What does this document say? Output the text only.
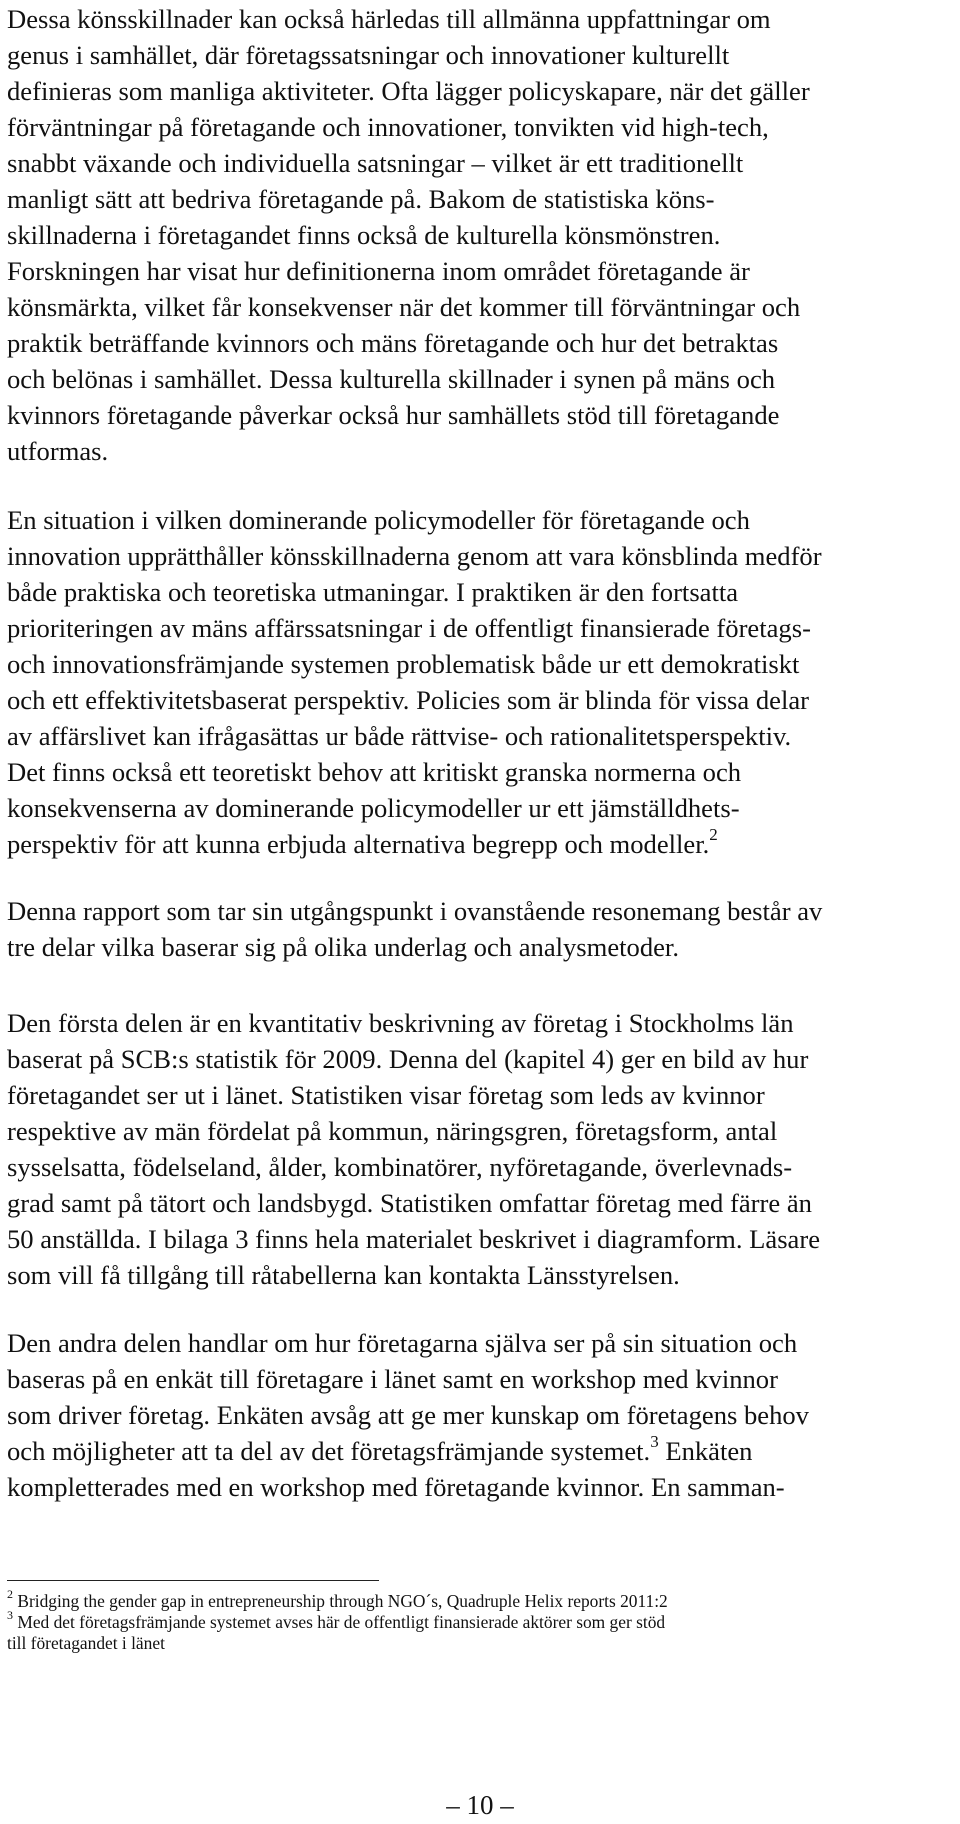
Dessa könsskillnader kan också härledas till allmänna uppfattningar om
genus i samhället, där företagssatsningar och innovationer kulturellt
definieras som manliga aktiviteter. Ofta lägger policyskapare, när det gäller
förväntningar på företagande och innovationer, tonvikten vid high-tech,
snabbt växande och individuella satsningar – vilket är ett traditionellt
manligt sätt att bedriva företagande på. Bakom de statistiska köns-
skillnaderna i företagandet finns också de kulturella könsmönstren.
Forskningen har visat hur definitionerna inom området företagande är
könsmärkta, vilket får konsekvenser när det kommer till förväntningar och
praktik beträffande kvinnors och mäns företagande och hur det betraktas
och belönas i samhället. Dessa kulturella skillnader i synen på mäns och
kvinnors företagande påverkar också hur samhällets stöd till företagande
utformas.

En situation i vilken dominerande policymodeller för företagande och
innovation upprätthåller könsskillnaderna genom att vara könsblinda medför
både praktiska och teoretiska utmaningar. I praktiken är den fortsatta
prioriteringen av mäns affärssatsningar i de offentligt finansierade företags-
och innovationsfrämjande systemen problematisk både ur ett demokratiskt
och ett effektivitetsbaserat perspektiv. Policies som är blinda för vissa delar
av affärslivet kan ifrågasättas ur både rättvise- och rationalitetsperspektiv.
Det finns också ett teoretiskt behov att kritiskt granska normerna och
konsekvenserna av dominerande policymodeller ur ett jämställdhets-
perspektiv för att kunna erbjuda alternativa begrepp och modeller.$^2$

Denna rapport som tar sin utgångspunkt i ovanstående resonemang består av
tre delar vilka baserar sig på olika underlag och analysmetoder.

Den första delen är en kvantitativ beskrivning av företag i Stockholms län
baserat på SCB:s statistik för 2009. Denna del (kapitel 4) ger en bild av hur
företagandet ser ut i länet. Statistiken visar företag som leds av kvinnor
respektive av män fördelat på kommun, näringsgren, företagsform, antal
sysselsatta, födelseland, ålder, kombinatörer, nyföretagande, överlevnads-
grad samt på tätort och landsbygd. Statistiken omfattar företag med färre än
50 anställda. I bilaga 3 finns hela materialet beskrivet i diagramform. Läsare
som vill få tillgång till råtabellerna kan kontakta Länsstyrelsen.

Den andra delen handlar om hur företagarna själva ser på sin situation och
baseras på en enkät till företagare i länet samt en workshop med kvinnor
som driver företag. Enkäten avsåg att ge mer kunskap om företagens behov
och möjligheter att ta del av det företagsfrämjande systemet.$^3$ Enkäten
kompletterades med en workshop med företagande kvinnor. En samman-

$^2$ Bridging the gender gap in entrepreneurship through NGO´s, Quadruple Helix reports 2011:2
$^3$ Med det företagsfrämjande systemet avses här de offentligt finansierade aktörer som ger stöd
till företagandet i länet
– 10 –
